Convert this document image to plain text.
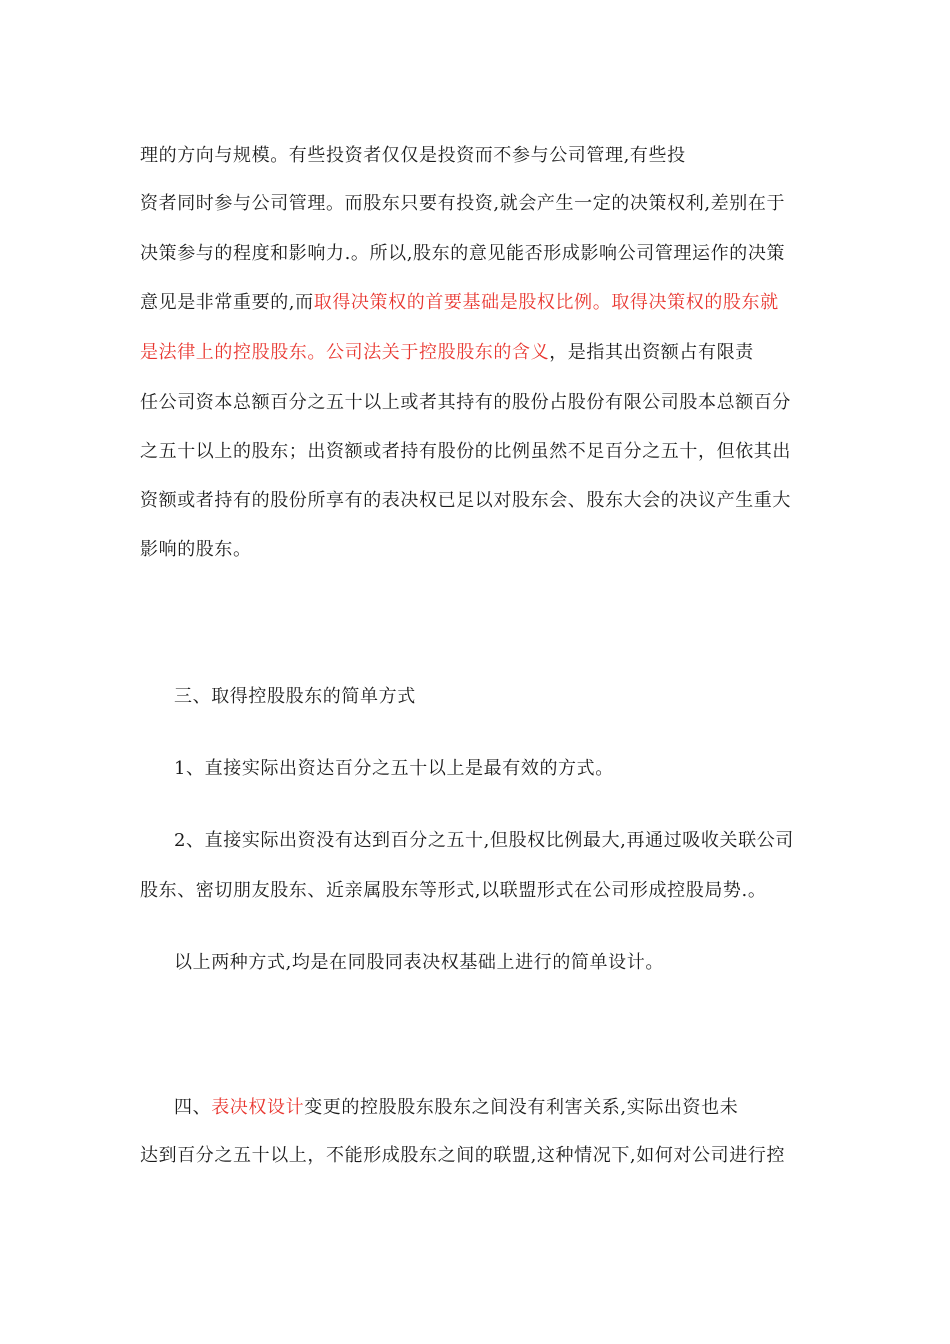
理的方向与规模。有些投资者仅仅是投资而不参与公司管理,有些投
资者同时参与公司管理。而股东只要有投资,就会产生一定的决策权利,差别在于
决策参与的程度和影响力.。所以,股东的意见能否形成影响公司管理运作的决策
意见是非常重要的,而取得决策权的首要基础是股权比例。取得决策权的股东就
是法律上的控股股东。公司法关于控股股东的含义，是指其出资额占有限责
任公司资本总额百分之五十以上或者其持有的股份占股份有限公司股本总额百分
之五十以上的股东；出资额或者持有股份的比例虽然不足百分之五十，但依其出
资额或者持有的股份所享有的表决权已足以对股东会、股东大会的决议产生重大
影响的股东。
三、取得控股股东的简单方式
1、直接实际出资达百分之五十以上是最有效的方式。
2、直接实际出资没有达到百分之五十,但股权比例最大,再通过吸收关联公司
股东、密切朋友股东、近亲属股东等形式,以联盟形式在公司形成控股局势.。
以上两种方式,均是在同股同表决权基础上进行的简单设计。
四、表决权设计变更的控股股东股东之间没有利害关系,实际出资也未
达到百分之五十以上，不能形成股东之间的联盟,这种情况下,如何对公司进行控
